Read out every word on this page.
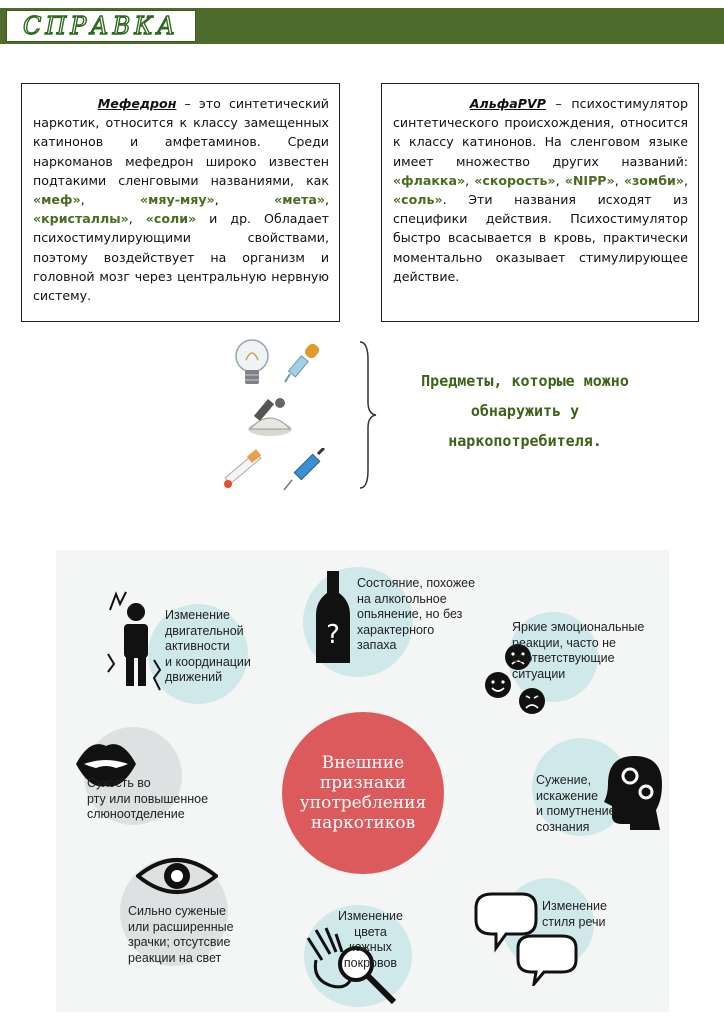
СПРАВКА
Мефедрон – это синтетический наркотик, относится к классу замещенных катинонов и амфетаминов. Среди наркоманов мефедрон широко известен подтакими сленговыми названиями, как «меф», «мяу-мяу», «мета», «кристаллы», «соли» и др. Обладает психостимулирующими свойствами, поэтому воздействует на организм и головной мозг через центральную нервную систему.
АльфаPVP – психостимулятор синтетического происхождения, относится к классу катинонов. На сленговом языке имеет множество других названий: «флакка», «скорость», «NIPP», «зомби», «соль». Эти названия исходят из специфики действия. Психостимулятор быстро всасывается в кровь, практически моментально оказывает стимулирующее действие.
Предметы, которые можно обнаружить у наркопотребителя.
Внешние
признаки
употребления
наркотиков
?
Изменение
двигательной
активности
и координации
движений
Состояние, похожее
на алкогольное
опьянение, но без
характерного
запаха
Яркие эмоциональные
реакции, часто не
соответствующие
ситуации
Сухость во
рту или повышенное
слюноотделение
Сужение,
искажение
и помутнение
сознания
Сильно суженые
или расширенные
зрачки; отсутсвие
реакции на свет
Изменение
цвета
кожных
покровов
Изменение
стиля речи
